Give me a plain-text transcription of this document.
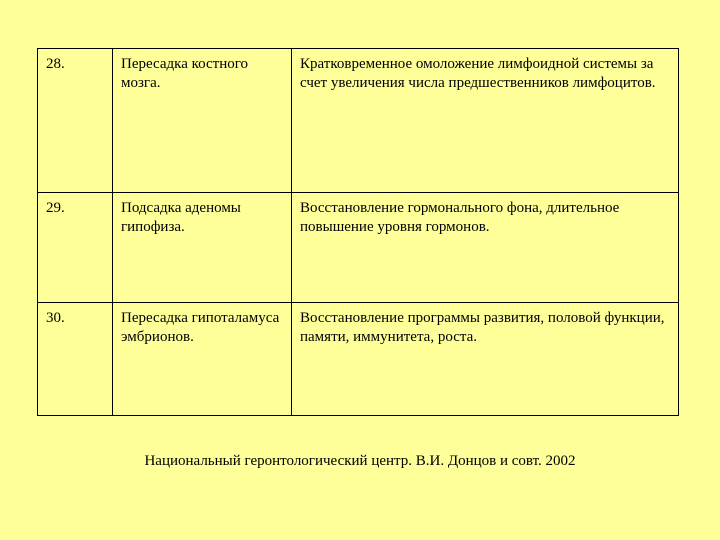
28.	Пересадка костного мозга.	Кратковременное омоложение лимфоидной системы за счет увеличения числа предшественников лимфоцитов.
29.	Подсадка аденомы гипофиза.	Восстановление гормонального фона, длительное повышение уровня гормонов.
30.	Пересадка гипоталамуса эмбрионов.	Восстановление программы развития, половой функции, памяти, иммунитета, роста.
Национальный геронтологический центр. В.И. Донцов и совт. 2002
